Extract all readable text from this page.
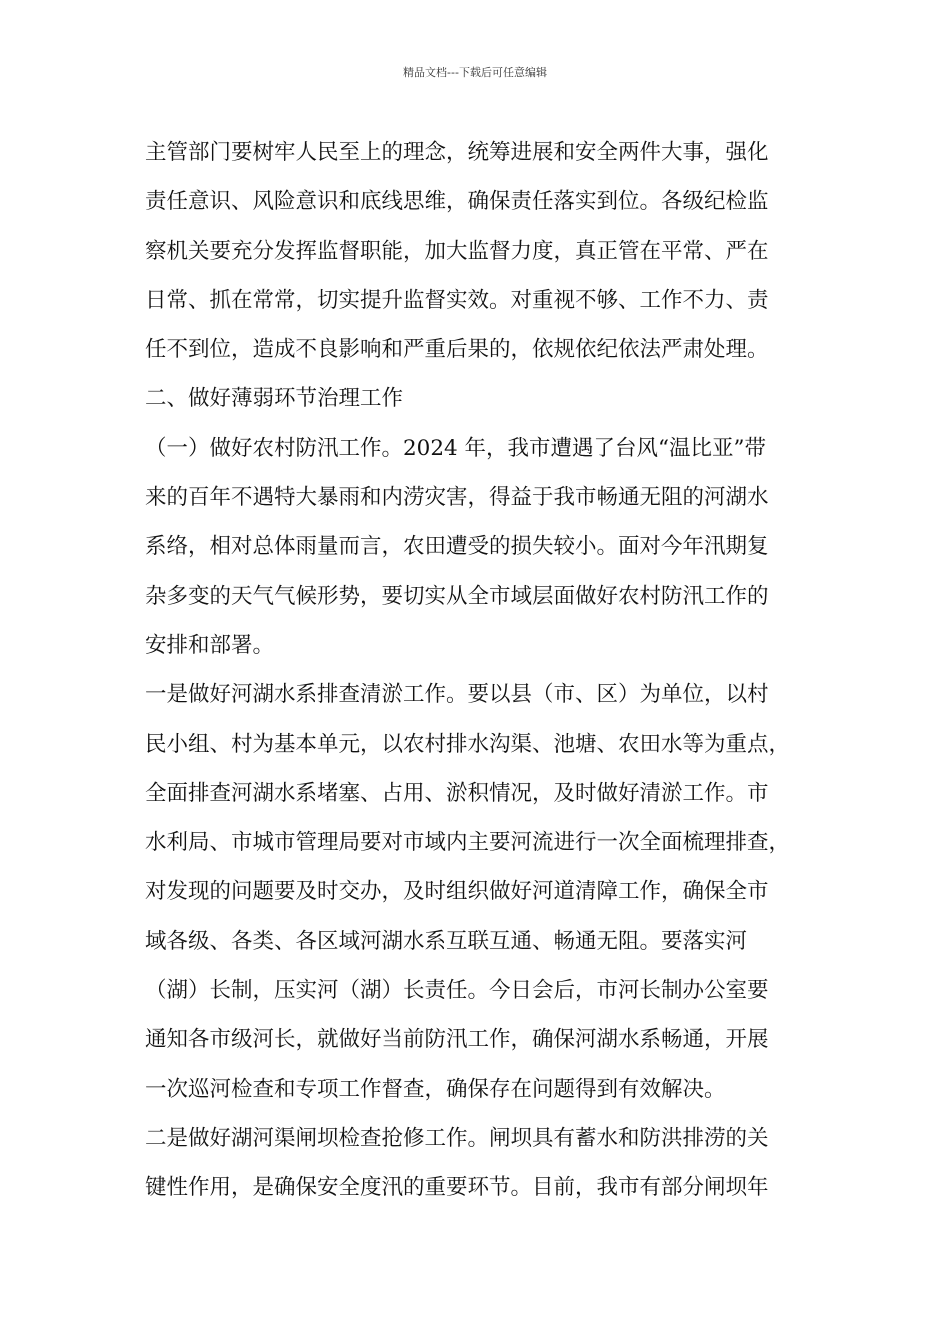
精品文档---下载后可任意编辑
主管部门要树牢人民至上的理念，统筹进展和安全两件大事，强化
责任意识、风险意识和底线思维，确保责任落实到位。各级纪检监
察机关要充分发挥监督职能，加大监督力度，真正管在平常、严在
日常、抓在常常，切实提升监督实效。对重视不够、工作不力、责
任不到位，造成不良影响和严重后果的，依规依纪依法严肃处理。
二、做好薄弱环节治理工作
（一）做好农村防汛工作。2024 年，我市遭遇了台风“温比亚”带
来的百年不遇特大暴雨和内涝灾害，得益于我市畅通无阻的河湖水
系络，相对总体雨量而言，农田遭受的损失较小。面对今年汛期复
杂多变的天气气候形势，要切实从全市域层面做好农村防汛工作的
安排和部署。
一是做好河湖水系排查清淤工作。要以县（市、区）为单位，以村
民小组、村为基本单元，以农村排水沟渠、池塘、农田水等为重点，
全面排查河湖水系堵塞、占用、淤积情况，及时做好清淤工作。市
水利局、市城市管理局要对市域内主要河流进行一次全面梳理排查，
对发现的问题要及时交办，及时组织做好河道清障工作，确保全市
域各级、各类、各区域河湖水系互联互通、畅通无阻。要落实河
（湖）长制，压实河（湖）长责任。今日会后，市河长制办公室要
通知各市级河长，就做好当前防汛工作，确保河湖水系畅通，开展
一次巡河检查和专项工作督查，确保存在问题得到有效解决。
二是做好湖河渠闸坝检查抢修工作。闸坝具有蓄水和防洪排涝的关
键性作用，是确保安全度汛的重要环节。目前，我市有部分闸坝年
